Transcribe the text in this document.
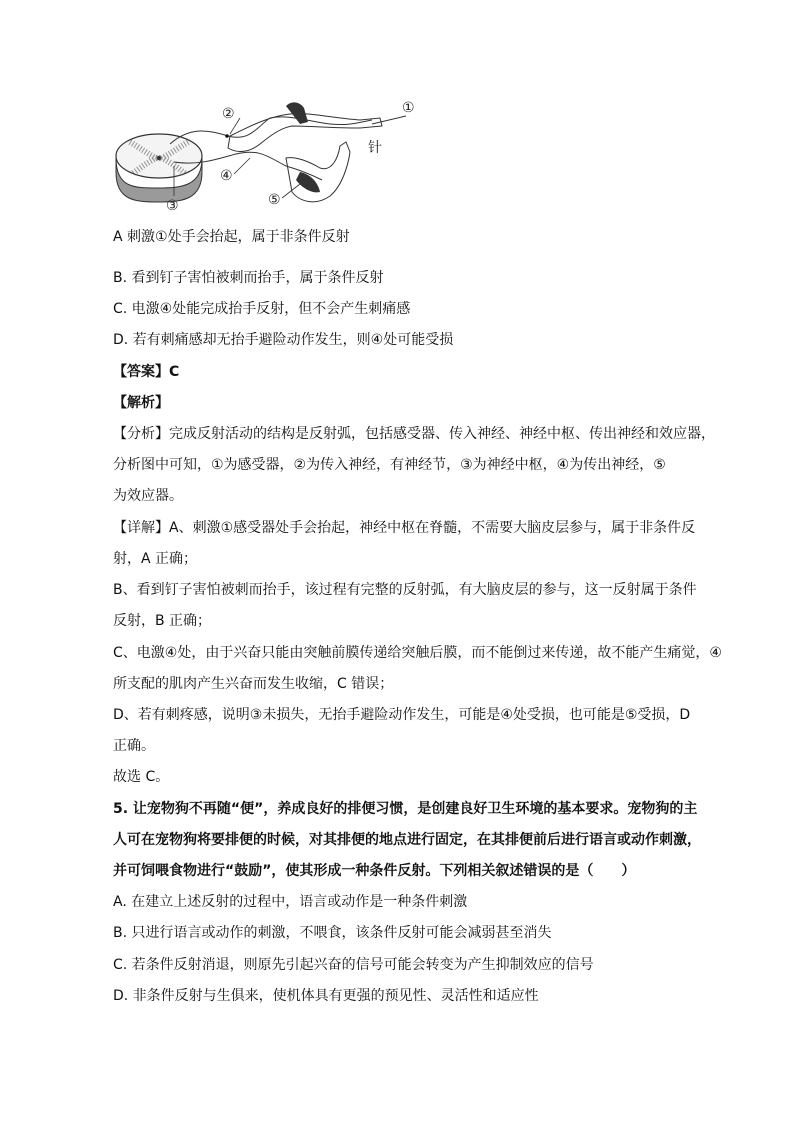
①
②
③
④
⑤
针
A 刺激①处手会抬起，属于非条件反射
B. 看到钉子害怕被刺而抬手，属于条件反射
C. 电激④处能完成抬手反射，但不会产生刺痛感
D. 若有刺痛感却无抬手避险动作发生，则④处可能受损
【答案】C
【解析】
【分析】完成反射活动的结构是反射弧，包括感受器、传入神经、神经中枢、传出神经和效应器，
分析图中可知，①为感受器，②为传入神经，有神经节，③为神经中枢，④为传出神经，⑤
为效应器。
【详解】A、刺激①感受器处手会抬起，神经中枢在脊髓，不需要大脑皮层参与，属于非条件反
射，A 正确；
B、看到钉子害怕被刺而抬手，该过程有完整的反射弧，有大脑皮层的参与，这一反射属于条件
反射，B 正确；
C、电激④处，由于兴奋只能由突触前膜传递给突触后膜，而不能倒过来传递，故不能产生痛觉，④
所支配的肌肉产生兴奋而发生收缩，C 错误；
D、若有刺疼感，说明③未损失，无抬手避险动作发生，可能是④处受损，也可能是⑤受损，D
正确。
故选 C。
5. 让宠物狗不再随“便”，养成良好的排便习惯，是创建良好卫生环境的基本要求。宠物狗的主
人可在宠物狗将要排便的时候，对其排便的地点进行固定，在其排便前后进行语言或动作刺激，
并可饲喂食物进行“鼓励”，使其形成一种条件反射。下列相关叙述错误的是（　　）
A. 在建立上述反射的过程中，语言或动作是一种条件刺激
B. 只进行语言或动作的刺激，不喂食，该条件反射可能会减弱甚至消失
C. 若条件反射消退，则原先引起兴奋的信号可能会转变为产生抑制效应的信号
D. 非条件反射与生俱来，使机体具有更强的预见性、灵活性和适应性
